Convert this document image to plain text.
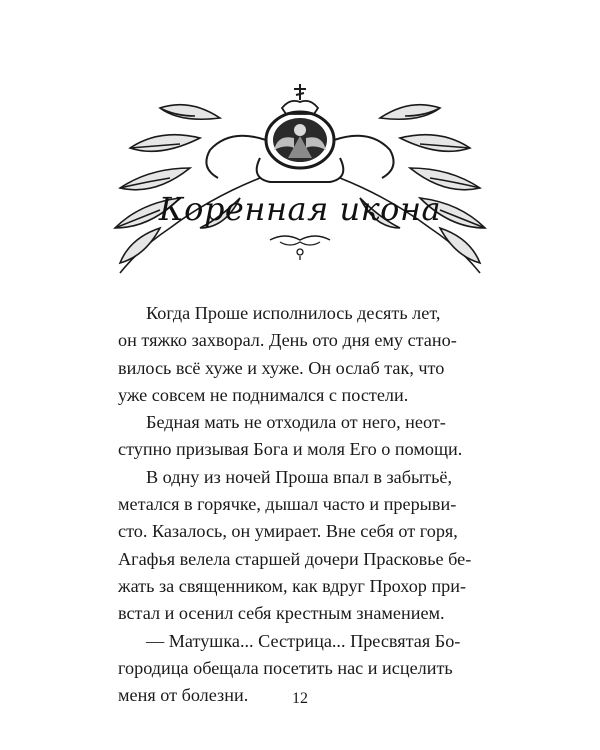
Коренная икона

Когда Проше исполнилось десять лет,
он тяжко захворал. День ото дня ему стано-
вилось всё хуже и хуже. Он ослаб так, что
уже совсем не поднимался с постели.

Бедная мать не отходила от него, неот-
ступно призывая Бога и моля Его о помощи.

В одну из ночей Проша впал в забытьё,
метался в горячке, дышал часто и прерыви-
сто. Казалось, он умирает. Вне себя от горя,
Агафья велела старшей дочери Прасковье бе-
жать за священником, как вдруг Прохор при-
встал и осенил себя крестным знамением.

— Матушка... Сестрица... Пресвятая Бо-
городица обещала посетить нас и исцелить
меня от болезни.	12
